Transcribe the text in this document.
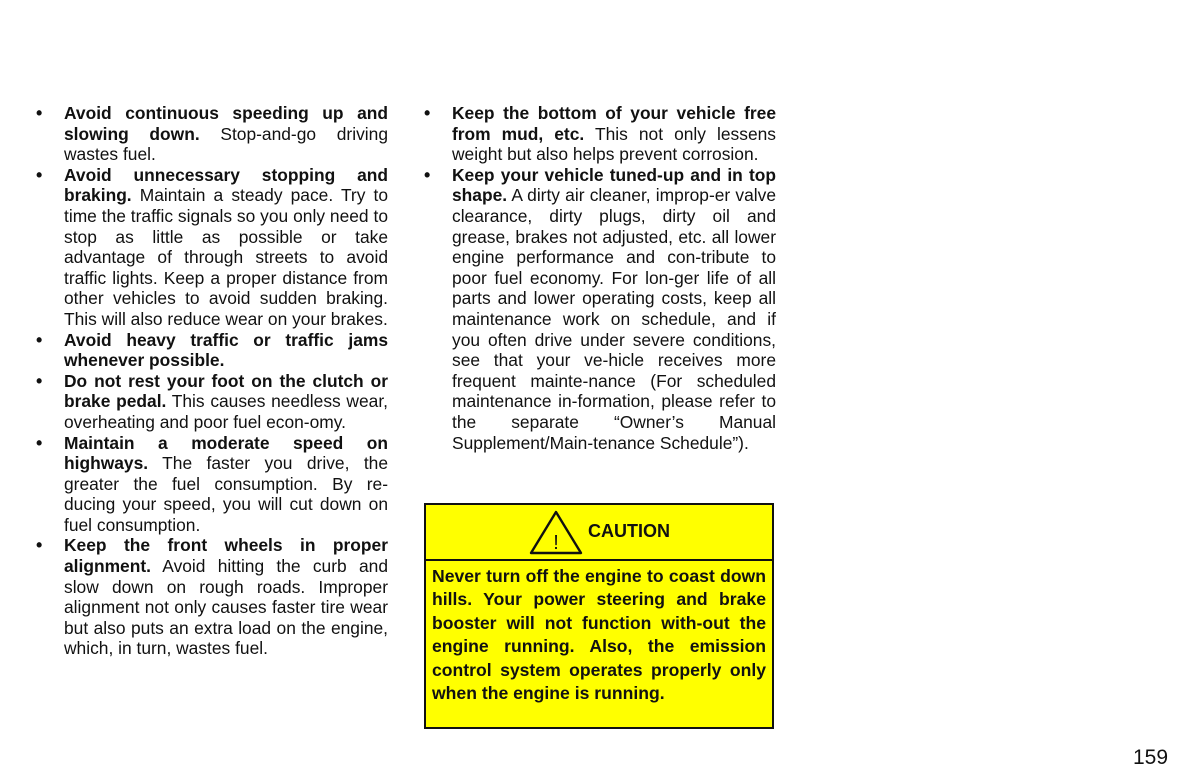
• Avoid continuous speeding up and slowing down. Stop-and-go driving wastes fuel.
• Avoid unnecessary stopping and braking. Maintain a steady pace. Try to time the traffic signals so you only need to stop as little as possible or take advantage of through streets to avoid traffic lights. Keep a proper distance from other vehicles to avoid sudden braking. This will also reduce wear on your brakes.
• Avoid heavy traffic or traffic jams whenever possible.
• Do not rest your foot on the clutch or brake pedal. This causes needless wear, overheating and poor fuel econ-omy.
• Maintain a moderate speed on highways. The faster you drive, the greater the fuel consumption. By re-ducing your speed, you will cut down on fuel consumption.
• Keep the front wheels in proper alignment. Avoid hitting the curb and slow down on rough roads. Improper alignment not only causes faster tire wear but also puts an extra load on the engine, which, in turn, wastes fuel.
• Keep the bottom of your vehicle free from mud, etc. This not only lessens weight but also helps prevent corrosion.
• Keep your vehicle tuned-up and in top shape. A dirty air cleaner, improp-er valve clearance, dirty plugs, dirty oil and grease, brakes not adjusted, etc. all lower engine performance and con-tribute to poor fuel economy. For lon-ger life of all parts and lower operating costs, keep all maintenance work on schedule, and if you often drive under severe conditions, see that your ve-hicle receives more frequent mainte-nance (For scheduled maintenance in-formation, please refer to the separate “Owner’s Manual Supplement/Main-tenance Schedule”).
!
CAUTION
Never turn off the engine to coast down hills. Your power steering and brake booster will not function with-out the engine running. Also, the emission control system operates properly only when the engine is running.
159
